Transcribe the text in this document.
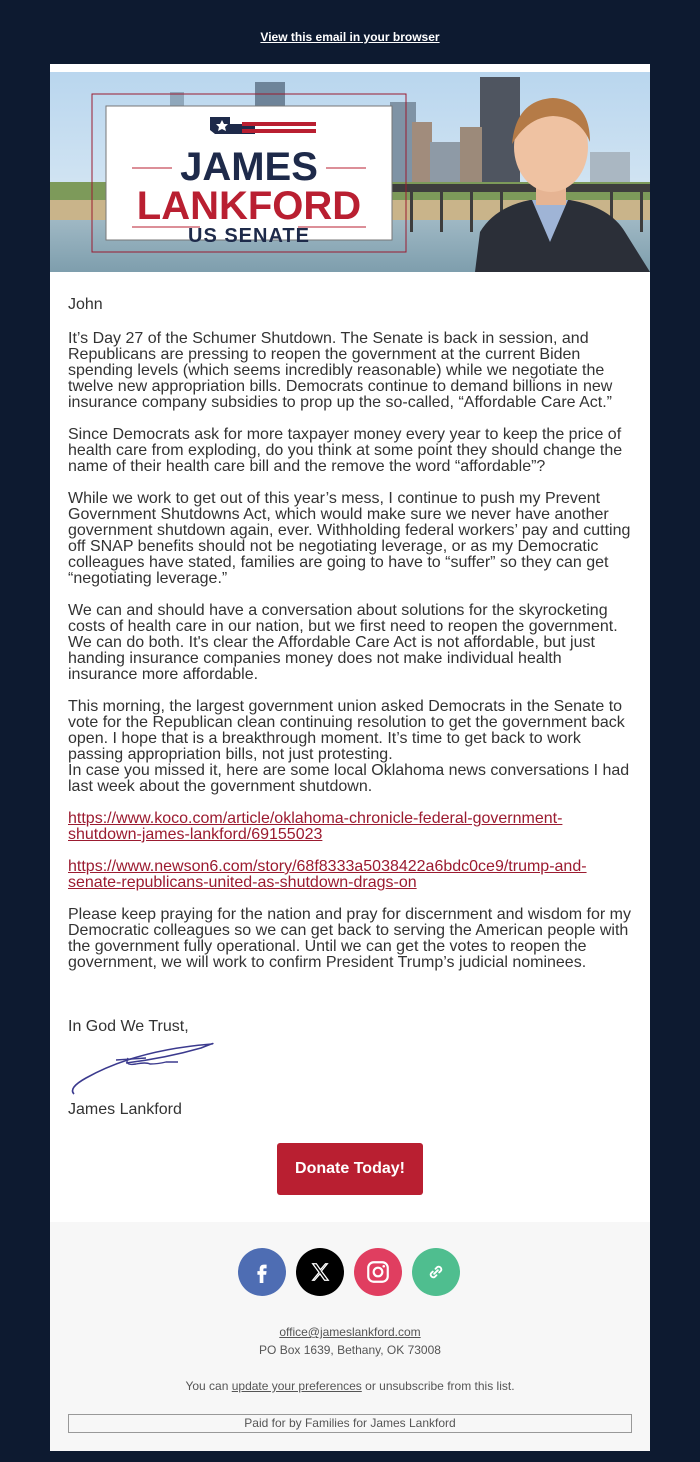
View this email in your browser
JAMES
LANKFORD
US SENATE

John

It’s Day 27 of the Schumer Shutdown. The Senate is back in session, and
Republicans are pressing to reopen the government at the current Biden
spending levels (which seems incredibly reasonable) while we negotiate the
twelve new appropriation bills. Democrats continue to demand billions in new
insurance company subsidies to prop up the so-called, “Affordable Care Act.”

Since Democrats ask for more taxpayer money every year to keep the price of
health care from exploding, do you think at some point they should change the
name of their health care bill and the remove the word “affordable”?

While we work to get out of this year’s mess, I continue to push my Prevent
Government Shutdowns Act, which would make sure we never have another
government shutdown again, ever. Withholding federal workers’ pay and cutting
off SNAP benefits should not be negotiating leverage, or as my Democratic
colleagues have stated, families are going to have to “suffer” so they can get
“negotiating leverage.”

We can and should have a conversation about solutions for the skyrocketing
costs of health care in our nation, but we first need to reopen the government.
We can do both. It's clear the Affordable Care Act is not affordable, but just
handing insurance companies money does not make individual health
insurance more affordable.

This morning, the largest government union asked Democrats in the Senate to
vote for the Republican clean continuing resolution to get the government back
open. I hope that is a breakthrough moment. It’s time to get back to work
passing appropriation bills, not just protesting.
In case you missed it, here are some local Oklahoma news conversations I had
last week about the government shutdown.

https://www.koco.com/article/oklahoma-chronicle-federal-government-shutdown-james-lankford/69155023
https://www.newson6.com/story/68f8333a5038422a6bdc0ce9/trump-and-senate-republicans-united-as-shutdown-drags-on

Please keep praying for the nation and pray for discernment and wisdom for my
Democratic colleagues so we can get back to serving the American people with
the government fully operational. Until we can get the votes to reopen the
government, we will work to confirm President Trump’s judicial nominees.

In God We Trust,
James Lankford
Donate Today!
office@jameslankford.com
PO Box 1639, Bethany, OK 73008
You can update your preferences or unsubscribe from this list.
Paid for by Families for James Lankford
